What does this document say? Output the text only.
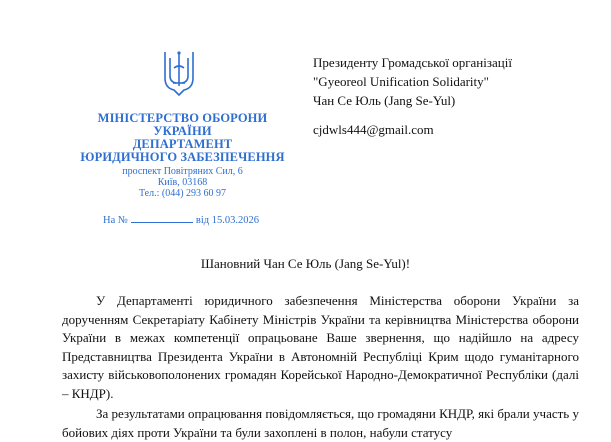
МІНІСТЕРСТВО ОБОРОНИ
УКРАЇНИ
ДЕПАРТАМЕНТ
ЮРИДИЧНОГО ЗАБЕЗПЕЧЕННЯ
проспект Повітряних Сил, 6
Київ, 03168
Тел.: (044) 293 60 97
На №	від 15.03.2026
Президенту Громадської організації
"Gyeoreol Unification Solidarity"
Чан Се Юль (Jang Se-Yul)
cjdwls444@gmail.com
Шановний Чан Се Юль (Jang Se-Yul)!

У Департаменті юридичного забезпечення Міністерства оборони України за дорученням Секретаріату Кабінету Міністрів України та керівництва Міністерства оборони України в межах компетенції опрацьоване Ваше звернення, що надійшло на адресу Представництва Президента України в Автономній Республіці Крим щодо гуманітарного захисту військовополонених громадян Корейської Народно-Демократичної Республіки (далі – КНДР).

За результатами опрацювання повідомляється, що громадяни КНДР, які брали участь у бойових діях проти України та були захоплені в полон, набули статусу
